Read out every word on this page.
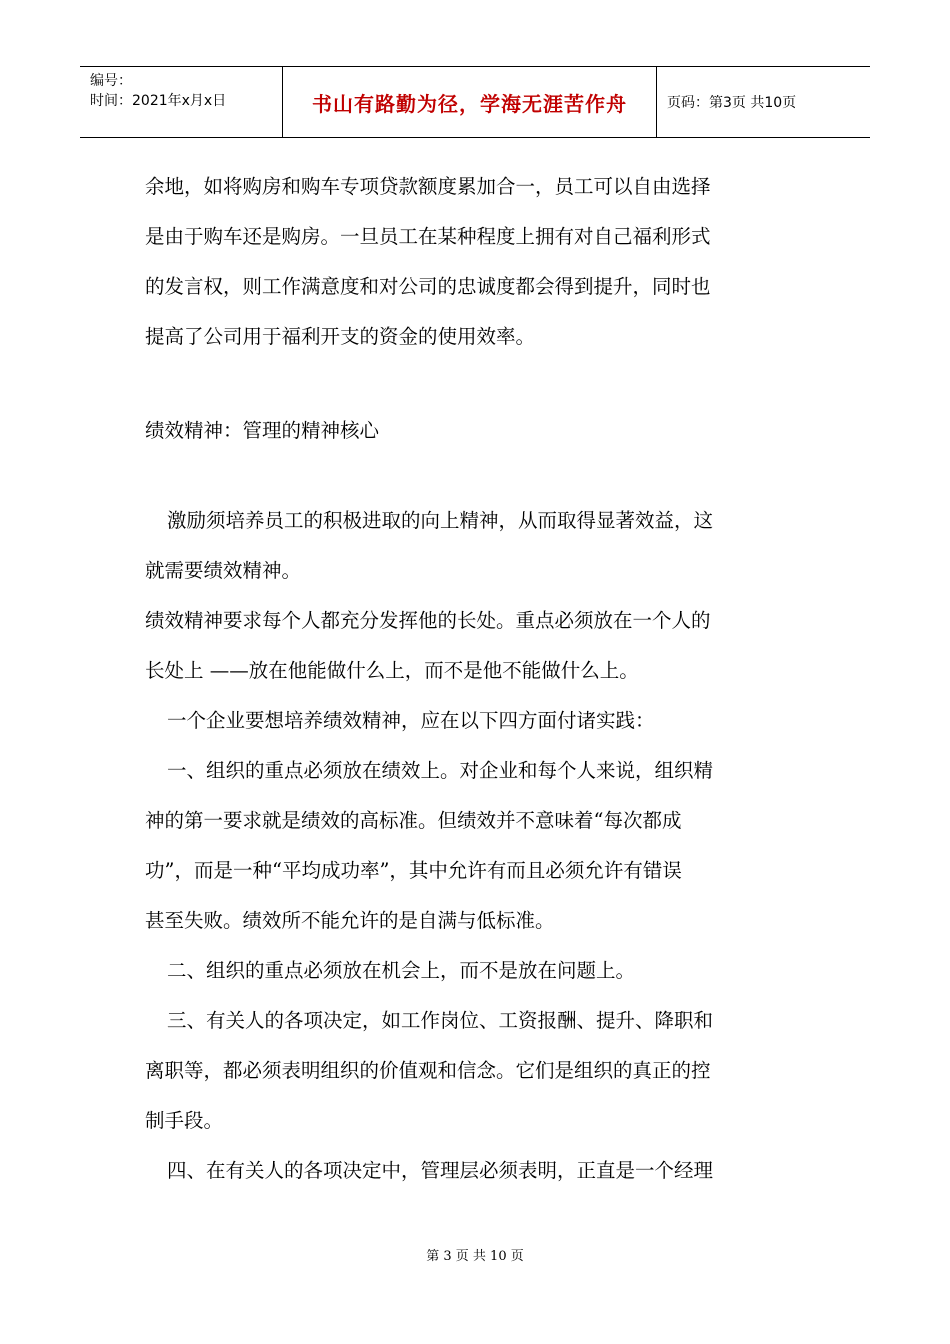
编号：
时间：2021年x月x日	书山有路勤为径，学海无涯苦作舟	页码：第3页 共10页

余地，如将购房和购车专项贷款额度累加合一，员工可以自由选择

是由于购车还是购房。一旦员工在某种程度上拥有对自己福利形式

的发言权，则工作满意度和对公司的忠诚度都会得到提升，同时也

提高了公司用于福利开支的资金的使用效率。

绩效精神：管理的精神核心

激励须培养员工的积极进取的向上精神，从而取得显著效益，这

就需要绩效精神。

绩效精神要求每个人都充分发挥他的长处。重点必须放在一个人的

长处上 ——放在他能做什么上，而不是他不能做什么上。

一个企业要想培养绩效精神，应在以下四方面付诸实践：

一、组织的重点必须放在绩效上。对企业和每个人来说，组织精

神的第一要求就是绩效的高标准。但绩效并不意味着“每次都成

功”，而是一种“平均成功率”，其中允许有而且必须允许有错误

甚至失败。绩效所不能允许的是自满与低标准。

二、组织的重点必须放在机会上，而不是放在问题上。

三、有关人的各项决定，如工作岗位、工资报酬、提升、降职和

离职等，都必须表明组织的价值观和信念。它们是组织的真正的控

制手段。

四、在有关人的各项决定中，管理层必须表明，正直是一个经理

第 3 页 共 10 页
